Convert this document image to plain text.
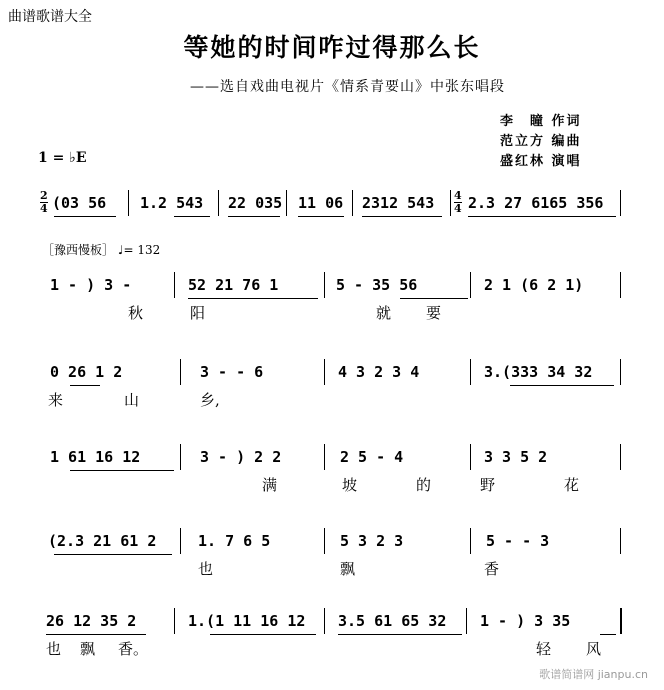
曲谱歌谱大全
等她的时间咋过得那么长
——选自戏曲电视片《情系青要山》中张东唱段
李　瞳 作词
范立方 编曲
盛红林 演唱
1 = ♭E
2
4 (03 56 1.2 543 22 035 11 06 2312 543 4
4 2.3 27 6165 356
［豫西慢板］ ♩= 132
1 - ) 3 -	52 21 76 1	5 - 35 56	2 1 (6 2 1)
秋	阳	就 要
0 26 1 2	3 - - 6	4 3 2 3 4	3.(333 34 32
来	山	乡,
1 61 16 12	3 - ) 2 2	2 5 - 4	3 3 5 2
满	坡	的	野	花
(2.3 21 61 2	1. 7 6 5	5 3 2 3	5 - - 3
也	飘	香
26 12 35 2	1.(1 11 16 12 3.5 61 65 32 1 - ) 3 35
也 飘 香。	轻 风
歌谱简谱网 jianpu.cn
